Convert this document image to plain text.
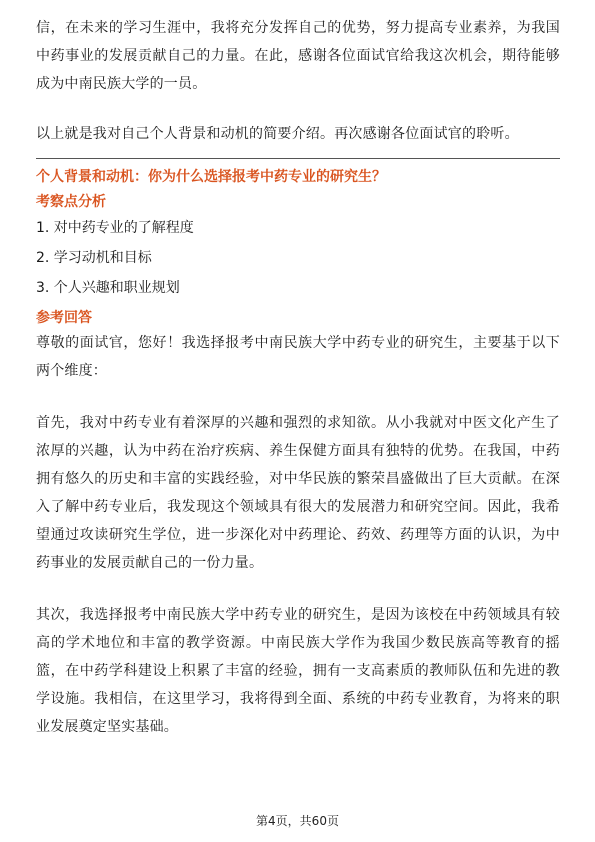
信，在未来的学习生涯中，我将充分发挥自己的优势，努力提高专业素养，为我国中药事业的发展贡献自己的力量。在此，感谢各位面试官给我这次机会，期待能够成为中南民族大学的一员。

以上就是我对自己个人背景和动机的简要介绍。再次感谢各位面试官的聆听。

个人背景和动机：你为什么选择报考中药专业的研究生？
考察点分析
1. 对中药专业的了解程度
2. 学习动机和目标
3. 个人兴趣和职业规划
参考回答

尊敬的面试官，您好！我选择报考中南民族大学中药专业的研究生，主要基于以下两个维度：

首先，我对中药专业有着深厚的兴趣和强烈的求知欲。从小我就对中医文化产生了浓厚的兴趣，认为中药在治疗疾病、养生保健方面具有独特的优势。在我国，中药拥有悠久的历史和丰富的实践经验，对中华民族的繁荣昌盛做出了巨大贡献。在深入了解中药专业后，我发现这个领域具有很大的发展潜力和研究空间。因此，我希望通过攻读研究生学位，进一步深化对中药理论、药效、药理等方面的认识，为中药事业的发展贡献自己的一份力量。

其次，我选择报考中南民族大学中药专业的研究生，是因为该校在中药领域具有较高的学术地位和丰富的教学资源。中南民族大学作为我国少数民族高等教育的摇篮，在中药学科建设上积累了丰富的经验，拥有一支高素质的教师队伍和先进的教学设施。我相信，在这里学习，我将得到全面、系统的中药专业教育，为将来的职业发展奠定坚实基础。

第4页，共60页
